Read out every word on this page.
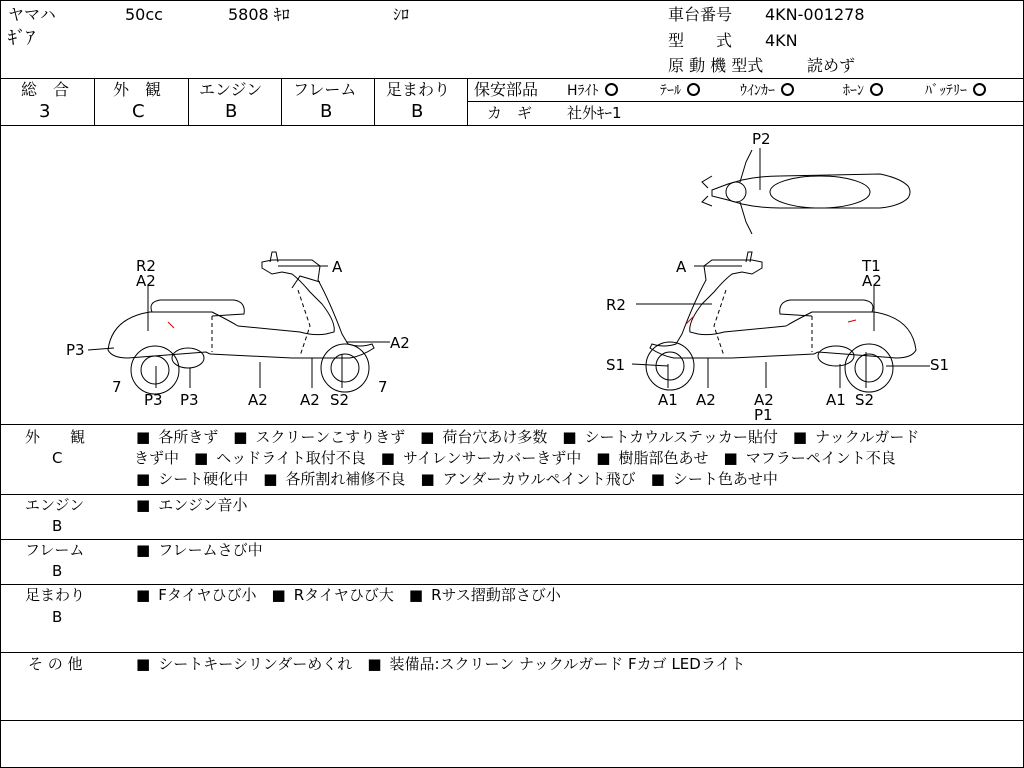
ヤマハ	50cc	5808 ｷﾛ	ｼﾛ
ｷﾞｱ
車台番号 4KN-001278
型　　式 4KN
原 動 機 型式	読めず
総　合
3
外　観
C
エンジン
B
フレーム
B
足まわり
B
保安部品 Hﾗｲﾄ	ﾃｰﾙ	ｳｲﾝｶｰ	ﾎｰﾝ	ﾊﾞｯﾃﾘｰ
カ　ギ 社外ｷｰ1
R2
A2
A
P3	A2
7
P3 P3	A2 A2 S2
7
A	T1
A2
R2
S1	S1
A1 A2	A2
P1
A1 S2
P2
外　　観
C
■ 各所きず　 ■ スクリーンこすりきず　 ■ 荷台穴あけ多数　 ■ シートカウルステッカー貼付　 ■ ナックルガード
きず中　 ■ ヘッドライト取付不良　 ■ サイレンサーカバーきず中　 ■ 樹脂部色あせ　 ■ マフラーペイント不良
■ シート硬化中　 ■ 各所割れ補修不良　 ■ アンダーカウルペイント飛び　 ■ シート色あせ中
エンジン
B
■ エンジン音小
フレーム
B
■ フレームさび中
足まわり
B
■ Fタイヤひび小　 ■ Rタイヤひび大　 ■ Rサス摺動部さび小
そ の 他	■ シートキーシリンダーめくれ　 ■ 装備品:スクリーン ナックルガード Fカゴ LEDライト
